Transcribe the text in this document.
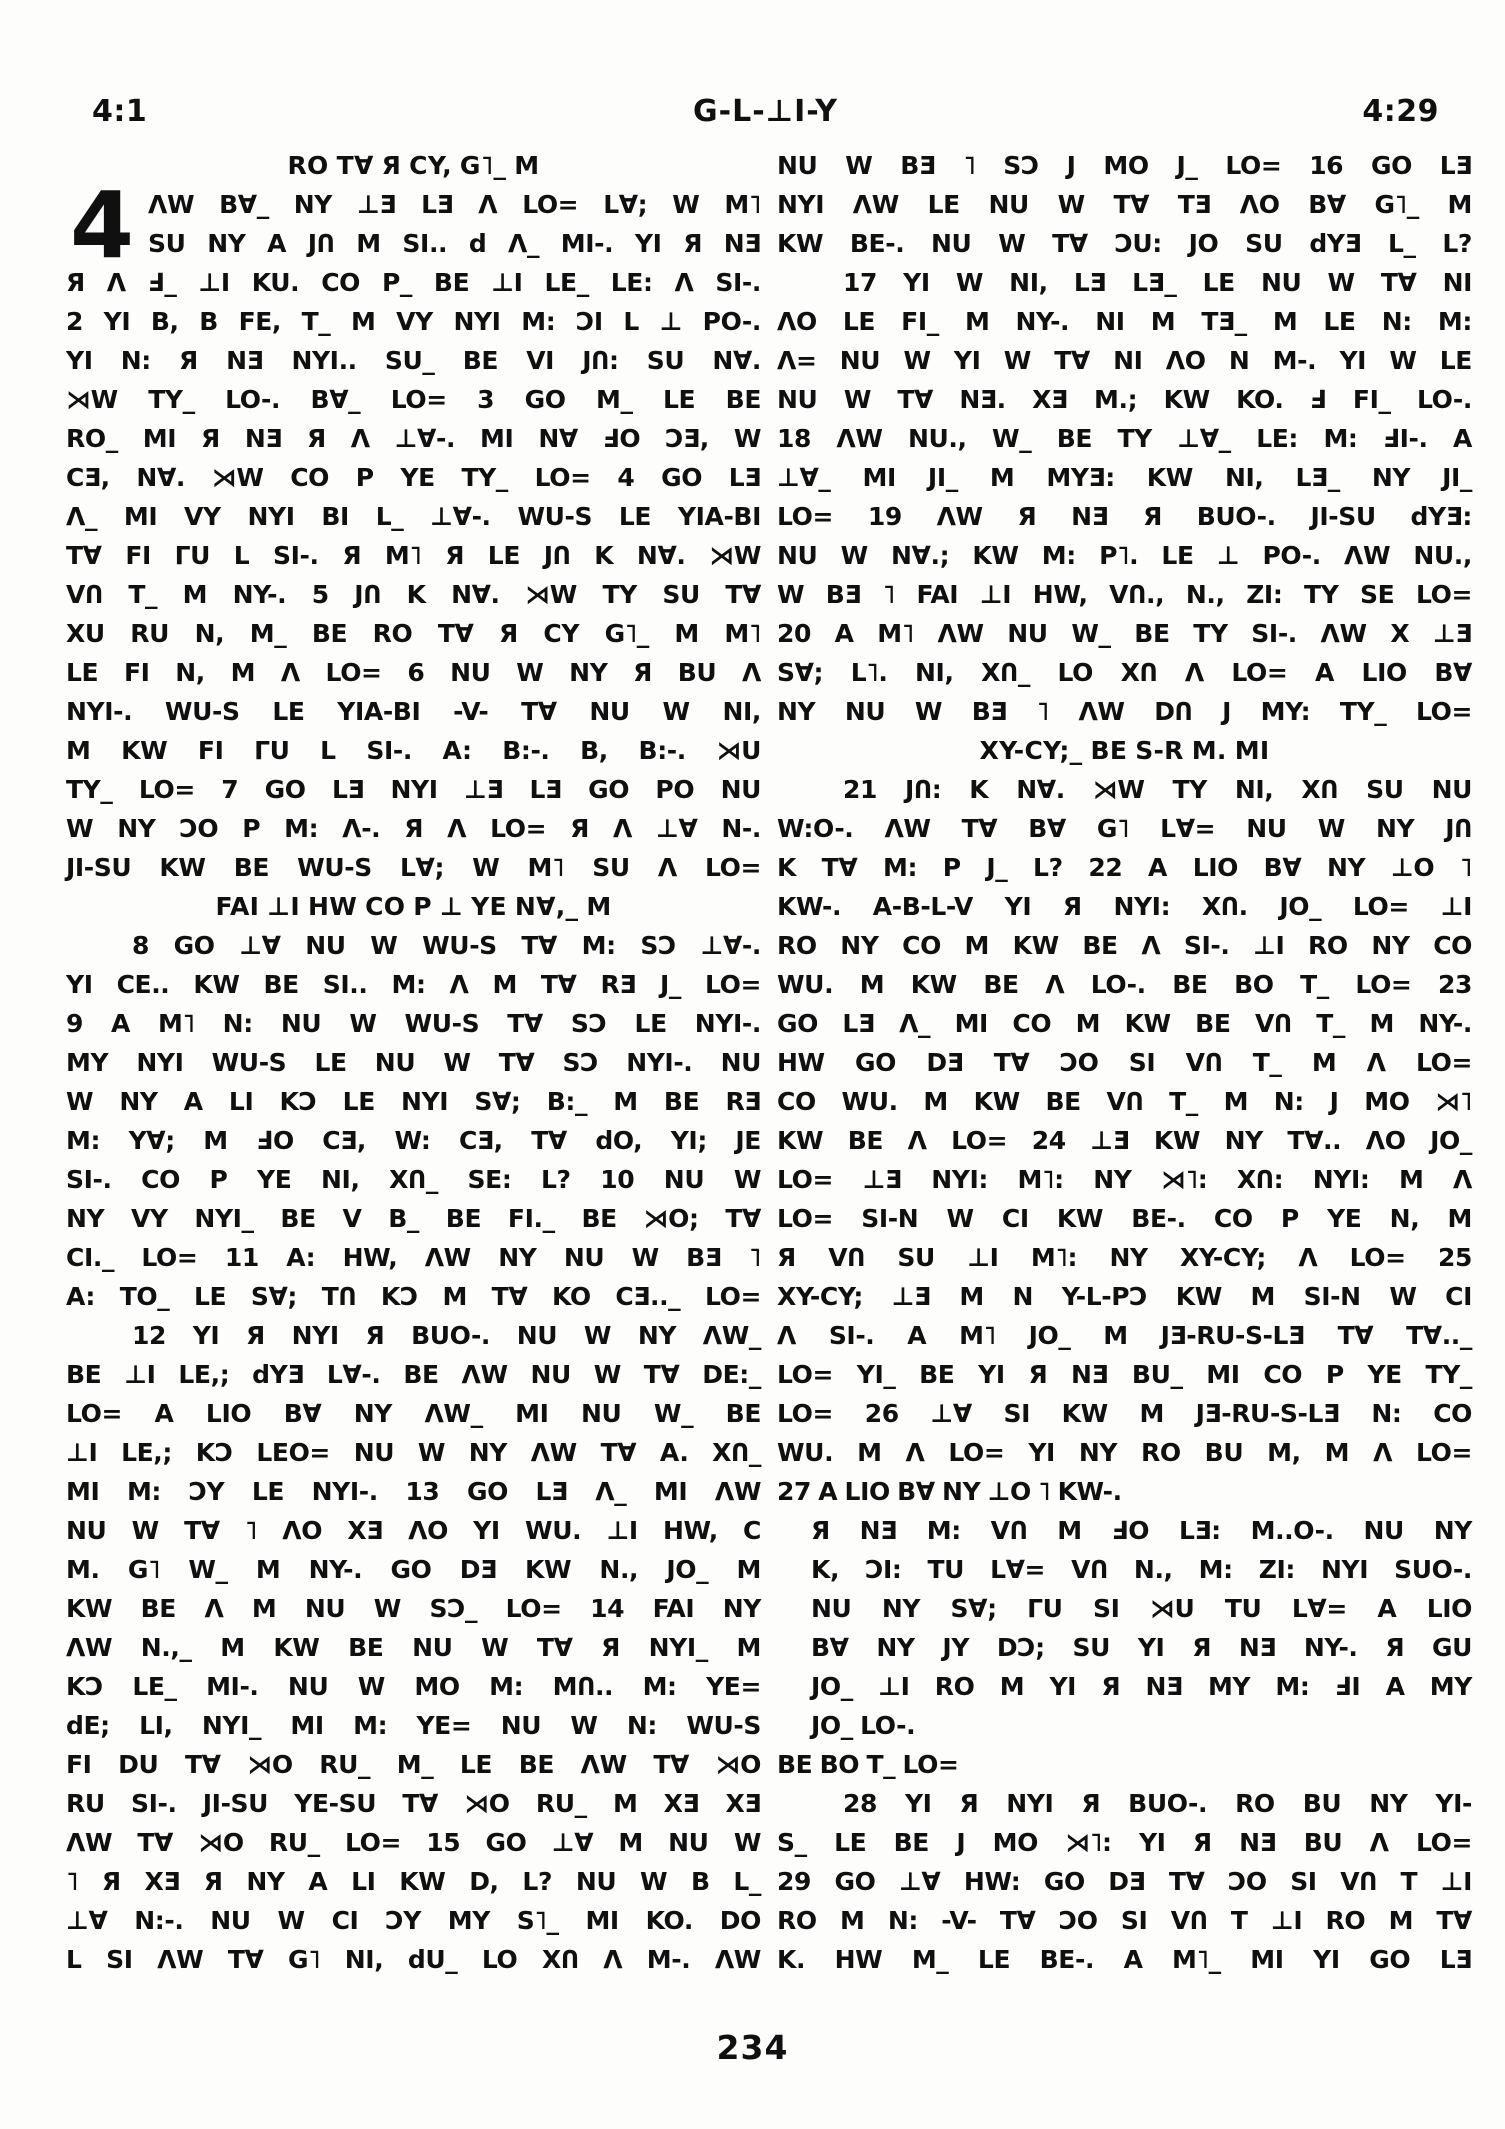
4:1	G-L-⊥I-Y	4:29
4
RO T∀ Я CY, G˥_ M
ΛW B∀_ NY ⊥Ǝ LƎ Λ LO= L∀; W M˥
SU NY A JՈ M SI.. d Λ_ MI-. YI Я NƎ
Я Λ Ⅎ_ ⊥I KU. CO P_ BE ⊥I LE_ LE: Λ SI-.
2 YI B, B FE, T_ M VY NYI M: ƆI L ⊥ PO-.
YI N: Я NƎ NYI.. SU_ BE VI JՈ: SU N∀.
⋊W TY_ LO-. B∀_ LO= 3 GO M_ LE BE
RO_ MI Я NƎ Я Λ ⊥∀-. MI N∀ ℲO ƆƎ, W
CƎ, N∀. ⋊W CO P YE TY_ LO= 4 GO LƎ
Λ_ MI VY NYI BI L_ ⊥∀-. WU-S LE YIA-BI
T∀ FI ΓU L SI-. Я M˥ Я LE JՈ K N∀. ⋊W
VՈ T_ M NY-. 5 JՈ K N∀. ⋊W TY SU T∀
XU RU N, M_ BE RO T∀ Я CY G˥_ M M˥
LE FI N, M Λ LO= 6 NU W NY Я BU Λ
NYI-. WU-S LE YIA-BI -V- T∀ NU W NI,
M KW FI ΓU L SI-. A: B:-. B, B:-. ⋊U
TY_ LO= 7 GO LƎ NYI ⊥Ǝ LƎ GO PO NU
W NY ƆO P M: Λ-. Я Λ LO= Я Λ ⊥∀ N-.
JI-SU KW BE WU-S L∀; W M˥ SU Λ LO=
FAI ⊥I HW CO P ⊥ YE N∀,_ M
8 GO ⊥∀ NU W WU-S T∀ M: SƆ ⊥∀-.
YI CE.. KW BE SI.. M: Λ M T∀ RƎ J_ LO=
9 A M˥ N: NU W WU-S T∀ SƆ LE NYI-.
MY NYI WU-S LE NU W T∀ SƆ NYI-. NU
W NY A LI KƆ LE NYI S∀; B:_ M BE RƎ
M: Y∀; M ℲO CƎ, W: CƎ, T∀ dO, YI; JE
SI-. CO P YE NI, XՈ_ SE: L? 10 NU W
NY VY NYI_ BE V B_ BE FI._ BE ⋊O; T∀
CI._ LO= 11 A: HW, ΛW NY NU W BƎ ˥
A: TO_ LE S∀; TՈ KƆ M T∀ KO CƎ.._ LO=
12 YI Я NYI Я BUO-. NU W NY ΛW_
BE ⊥I LE,; dYƎ L∀-. BE ΛW NU W T∀ DE:_
LO= A LIO B∀ NY ΛW_ MI NU W_ BE
⊥I LE,; KƆ LEO= NU W NY ΛW T∀ A. XՈ_
MI M: ƆY LE NYI-. 13 GO LƎ Λ_ MI ΛW
NU W T∀ ˥ ΛO XƎ ΛO YI WU. ⊥I HW, C
M. G˥ W_ M NY-. GO DƎ KW N., JO_ M
KW BE Λ M NU W SƆ_ LO= 14 FAI NY
ΛW N.,_ M KW BE NU W T∀ Я NYI_ M
KƆ LE_ MI-. NU W MO M: MՈ.. M: YE=
dE; LI, NYI_ MI M: YE= NU W N: WU-S
FI DU T∀ ⋊O RU_ M_ LE BE ΛW T∀ ⋊O
RU SI-. JI-SU YE-SU T∀ ⋊O RU_ M XƎ XƎ
ΛW T∀ ⋊O RU_ LO= 15 GO ⊥∀ M NU W
˥ Я XƎ Я NY A LI KW D, L? NU W B L_
⊥∀ N:-. NU W CI ƆY MY S˥_ MI KO. DO
L SI ΛW T∀ G˥ NI, dU_ LO XՈ Λ M-. ΛW
NU W BƎ ˥ SƆ J MO J_ LO= 16 GO LƎ
NYI ΛW LE NU W T∀ TƎ ΛO B∀ G˥_ M
KW BE-. NU W T∀ ƆU: JO SU dYƎ L_ L?
17 YI W NI, LƎ LƎ_ LE NU W T∀ NI
ΛO LE FI_ M NY-. NI M TƎ_ M LE N: M:
Λ= NU W YI W T∀ NI ΛO N M-. YI W LE
NU W T∀ NƎ. XƎ M.; KW KO. Ⅎ FI_ LO-.
18 ΛW NU., W_ BE TY ⊥∀_ LE: M: ℲI-. A
⊥∀_ MI JI_ M MYƎ: KW NI, LƎ_ NY JI_
LO= 19 ΛW Я NƎ Я BUO-. JI-SU dYƎ:
NU W N∀.; KW M: P˥. LE ⊥ PO-. ΛW NU.,
W BƎ ˥ FAI ⊥I HW, VՈ., N., ZI: TY SE LO=
20 A M˥ ΛW NU W_ BE TY SI-. ΛW X ⊥Ǝ
S∀; L˥. NI, XՈ_ LO XՈ Λ LO= A LIO B∀
NY NU W BƎ ˥ ΛW DՈ J MY: TY_ LO=
XY-CY;_ BE S-R M. MI
21 JՈ: K N∀. ⋊W TY NI, XՈ SU NU
W:O-. ΛW T∀ B∀ G˥ L∀= NU W NY JՈ
K T∀ M: P J_ L? 22 A LIO B∀ NY ⊥O ˥
KW-. A-B-L-V YI Я NYI: XՈ. JO_ LO= ⊥I
RO NY CO M KW BE Λ SI-. ⊥I RO NY CO
WU. M KW BE Λ LO-. BE BO T_ LO= 23
GO LƎ Λ_ MI CO M KW BE VՈ T_ M NY-.
HW GO DƎ T∀ ƆO SI VՈ T_ M Λ LO=
CO WU. M KW BE VՈ T_ M N: J MO ⋊˥
KW BE Λ LO= 24 ⊥Ǝ KW NY T∀.. ΛO JO_
LO= ⊥Ǝ NYI: M˥: NY ⋊˥: XՈ: NYI: M Λ
LO= SI-N W CI KW BE-. CO P YE N, M
Я VՈ SU ⊥I M˥: NY XY-CY; Λ LO= 25
XY-CY; ⊥Ǝ M N Y-L-PƆ KW M SI-N W CI
Λ SI-. A M˥ JO_ M JƎ-RU-S-LƎ T∀ T∀.._
LO= YI_ BE YI Я NƎ BU_ MI CO P YE TY_
LO= 26 ⊥∀ SI KW M JƎ-RU-S-LƎ N: CO
WU. M Λ LO= YI NY RO BU M, M Λ LO=
27 A LIO B∀ NY ⊥O ˥ KW-.
Я NƎ M: VՈ M ℲO LƎ: M..O-. NU NY
K, ƆI: TU L∀= VՈ N., M: ZI: NYI SUO-.
NU NY S∀; ΓU SI ⋊U TU L∀= A LIO
B∀ NY JY DƆ; SU YI Я NƎ NY-. Я GU
JO_ ⊥I RO M YI Я NƎ MY M: ℲI A MY
JO_ LO-.
BE BO T_ LO=
28 YI Я NYI Я BUO-. RO BU NY YI-
S_ LE BE J MO ⋊˥: YI Я NƎ BU Λ LO=
29 GO ⊥∀ HW: GO DƎ T∀ ƆO SI VՈ T ⊥I
RO M N: -V- T∀ ƆO SI VՈ T ⊥I RO M T∀
K. HW M_ LE BE-. A M˥_ MI YI GO LƎ
234
